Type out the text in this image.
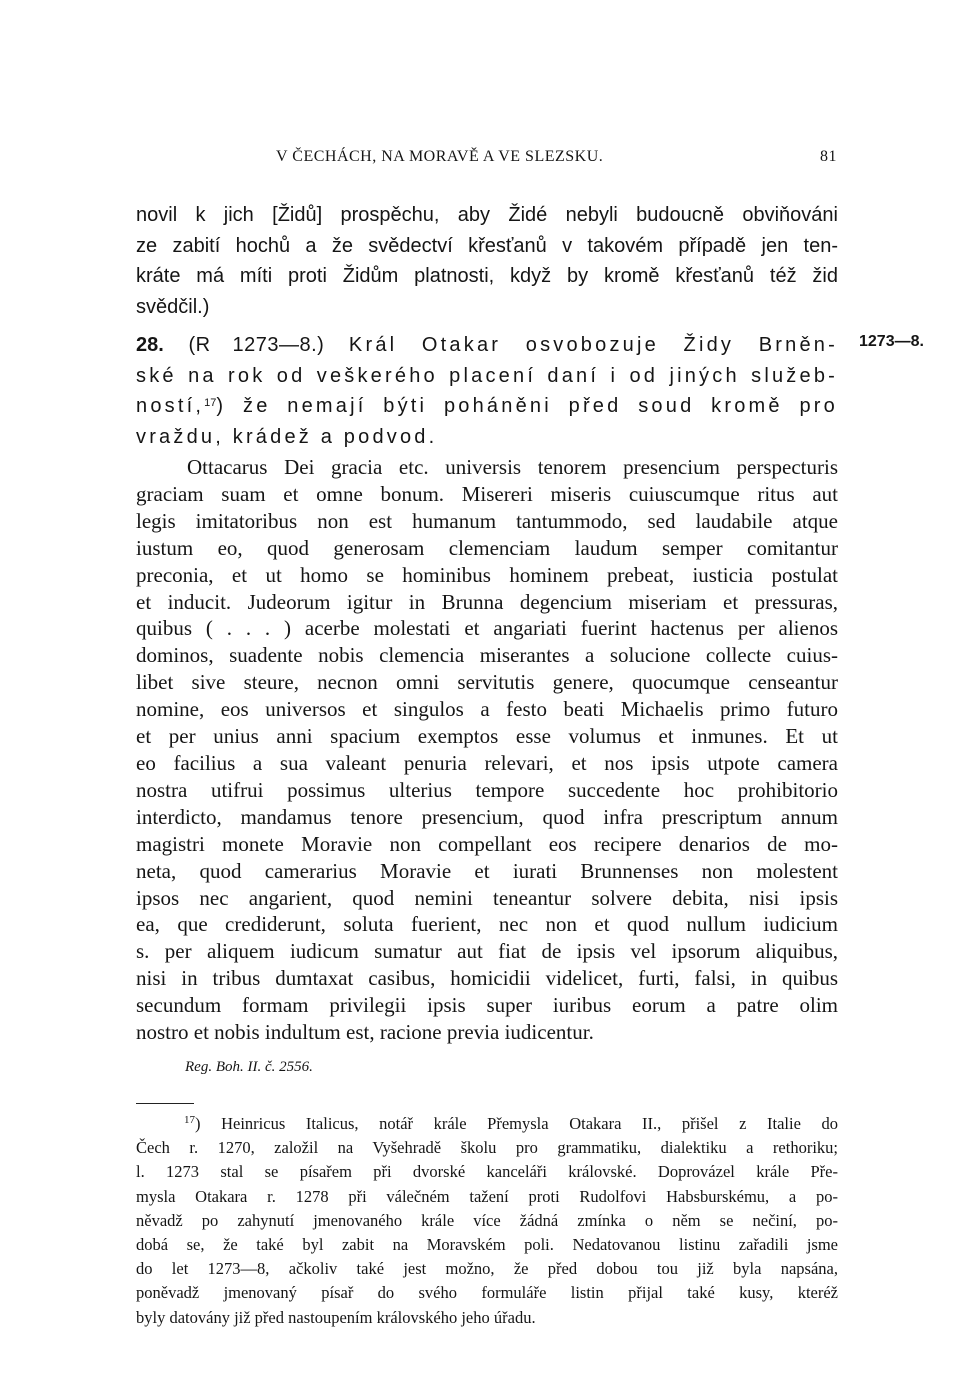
V ČECHÁCH, NA MORAVĚ A VE SLEZSKU.	81
novil k jich [Židů] prospěchu, aby Židé nebyli budoucně obviňováni
ze zabití hochů a že svědectví křesťanů v takovém případě jen ten-
kráte má míti proti Židům platnosti, když by kromě křesťanů též žid
svědčil.)
28. (R 1273—8.) Král Otakar osvobozuje Židy Brněn-
ské na rok od veškerého placení daní i od jiných služeb-
ností,$^{17}$) že nemají býti poháněni před soud kromě pro
vraždu, krádež a podvod.
1273—8.
Ottacarus Dei gracia etc. universis tenorem presencium perspecturis
graciam suam et omne bonum. Misereri miseris cuiuscumque ritus aut
legis imitatoribus non est humanum tantummodo, sed laudabile atque
iustum eo, quod generosam clemenciam laudum semper comitantur
preconia, et ut homo se hominibus hominem prebeat, iusticia postulat
et inducit. Judeorum igitur in Brunna degencium miseriam et pressuras,
quibus ( . . . ) acerbe molestati et angariati fuerint hactenus per alienos
dominos, suadente nobis clemencia miserantes a solucione collecte cuius-
libet sive steure, necnon omni servitutis genere, quocumque censeantur
nomine, eos universos et singulos a festo beati Michaelis primo futuro
et per unius anni spacium exemptos esse volumus et inmunes. Et ut
eo facilius a sua valeant penuria relevari, et nos ipsis utpote camera
nostra utifrui possimus ulterius tempore succedente hoc prohibitorio
interdicto, mandamus tenore presencium, quod infra prescriptum annum
magistri monete Moravie non compellant eos recipere denarios de mo-
neta, quod camerarius Moravie et iurati Brunnenses non molestent
ipsos nec angarient, quod nemini teneantur solvere debita, nisi ipsis
ea, que crediderunt, soluta fuerient, nec non et quod nullum iudicium
s. per aliquem iudicum sumatur aut fiat de ipsis vel ipsorum aliquibus,
nisi in tribus dumtaxat casibus, homicidii videlicet, furti, falsi, in quibus
secundum formam privilegii ipsis super iuribus eorum a patre olim
nostro et nobis indultum est, racione previa iudicentur.
Reg. Boh. II. č. 2556.
$^{17}$) Heinricus Italicus, notář krále Přemysla Otakara II., přišel z Italie do
Čech r. 1270, založil na Vyšehradě školu pro grammatiku, dialektiku a rethoriku;
l. 1273 stal se písařem při dvorské kanceláři královské. Doprovázel krále Pře-
mysla Otakara r. 1278 při válečném tažení proti Rudolfovi Habsburskému, a po-
něvadž po zahynutí jmenovaného krále více žádná zmínka o něm se nečiní, po-
dobá se, že také byl zabit na Moravském poli. Nedatovanou listinu zařadili jsme
do let 1273—8, ačkoliv také jest možno, že před dobou tou již byla napsána,
poněvadž jmenovaný písař do svého formuláře listin přijal také kusy, kteréž
byly datovány již před nastoupením královského jeho úřadu.
